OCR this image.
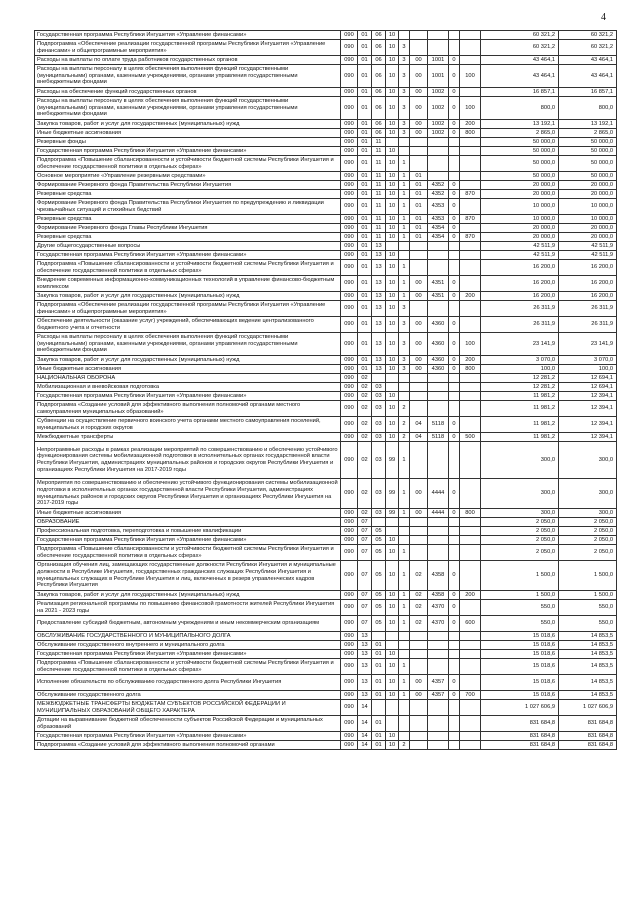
4
Государственная программа Республики Ингушетия «Управление финансами»	090	01	06	10						60 321,2	60 321,2
Подпрограмма «Обеспечение реализации государственной программы Республики Ингушетия «Управление финансами» и общепрограммные мероприятия»	090	01	06	10	3					60 321,2	60 321,2
Расходы на выплаты по оплате труда работников государственных органов	090	01	06	10	3	00	1001	0		43 464,1	43 464,1
Расходы на выплаты персоналу в целях обеспечения выполнения функций государственными (муниципальными) органами, казенными учреждениями, органами управления государственными внебюджетными фондами	090	01	06	10	3	00	1001	0	100	43 464,1	43 464,1
Расходы на обеспечение функций государственных органов	090	01	06	10	3	00	1002	0		16 857,1	16 857,1
Расходы на выплаты персоналу в целях обеспечения выполнения функций государственными (муниципальными) органами, казенными учреждениями, органами управления государственными внебюджетными фондами	090	01	06	10	3	00	1002	0	100	800,0	800,0
Закупка товаров, работ и услуг для государственных (муниципальных) нужд	090	01	06	10	3	00	1002	0	200	13 192,1	13 192,1
Иные бюджетные ассигнования	090	01	06	10	3	00	1002	0	800	2 865,0	2 865,0
Резервные фонды	090	01	11							50 000,0	50 000,0
Государственная программа Республики Ингушетия «Управление финансами»	090	01	11	10						50 000,0	50 000,0
Подпрограмма «Повышение сбалансированности и устойчивости бюджетной системы Республики Ингушетия и обеспечение государственной политики в отдельных сферах»	090	01	11	10	1					50 000,0	50 000,0
Основное мероприятие «Управление резервными средствами»	090	01	11	10	1	01				50 000,0	50 000,0
Формирование Резервного фонда Правительства Республики Ингушетия	090	01	11	10	1	01	4352	0		20 000,0	20 000,0
Резервные средства	090	01	11	10	1	01	4352	0	870	20 000,0	20 000,0
Формирование Резервного фонда Правительства Республики Ингушетия по предупреждению и ликвидации чрезвычайных ситуаций и стихийных бедствий	090	01	11	10	1	01	4353	0		10 000,0	10 000,0
Резервные средства	090	01	11	10	1	01	4353	0	870	10 000,0	10 000,0
Формирование Резервного фонда Главы Республики Ингушетия	090	01	11	10	1	01	4354	0		20 000,0	20 000,0
Резервные средства	090	01	11	10	1	01	4354	0	870	20 000,0	20 000,0
Другие общегосударственные вопросы	090	01	13							42 511,9	42 511,9
Государственная программа Республики Ингушетия «Управление финансами»	090	01	13	10						42 511,9	42 511,9
Подпрограмма «Повышение сбалансированности и устойчивости бюджетной системы Республики Ингушетия и обеспечение государственной политики в отдельных сферах»	090	01	13	10	1					16 200,0	16 200,0
Внедрение современных информационно-коммуникационных технологий в управление финансово-бюджетным комплексом	090	01	13	10	1	00	4351	0		16 200,0	16 200,0
Закупка товаров, работ и услуг для государственных (муниципальных) нужд	090	01	13	10	1	00	4351	0	200	16 200,0	16 200,0
Подпрограмма «Обеспечение реализации государственной программы Республики Ингушетия «Управление финансами» и общепрограммные мероприятия»	090	01	13	10	3					26 311,9	26 311,9
Обеспечение деятельности (оказание услуг) учреждений, обеспечивающих ведение централизованного бюджетного учета и отчетности	090	01	13	10	3	00	4360	0		26 311,9	26 311,9
Расходы на выплаты персоналу в целях обеспечения выполнения функций государственными (муниципальными) органами, казенными учреждениями, органами управления государственными внебюджетными фондами	090	01	13	10	3	00	4360	0	100	23 141,9	23 141,9
Закупка товаров, работ и услуг для государственных (муниципальных) нужд	090	01	13	10	3	00	4360	0	200	3 070,0	3 070,0
Иные бюджетные ассигнования	090	01	13	10	3	00	4360	0	800	100,0	100,0
НАЦИОНАЛЬНАЯ ОБОРОНА	090	02								12 281,2	12 694,1
Мобилизационная и вневойсковая подготовка	090	02	03							12 281,2	12 694,1
Государственная программа Республики Ингушетия «Управление финансами»	090	02	03	10						11 981,2	12 394,1
Подпрограмма «Создание условий для эффективного выполнения полномочий органами местного самоуправления муниципальных образований»	090	02	03	10	2					11 981,2	12 394,1
Субвенции на осуществление первичного воинского учета органами местного самоуправления поселений, муниципальных и городских округов	090	02	03	10	2	04	5118	0		11 981,2	12 394,1
Межбюджетные трансферты	090	02	03	10	2	04	5118	0	500	11 981,2	12 394,1
Непрограммные расходы в рамках реализации мероприятий по совершенствованию и обеспечению устойчивого функционирования системы мобилизационной подготовки в исполнительных органах государственной власти Республики Ингушетия, администрациях муниципальных районов и городских округов Республики Ингушетия и организациях Республики Ингушетия на 2017-2019 годы	090	02	03	99	1					300,0	300,0
Мероприятия по совершенствованию и обеспечению устойчивого функционирования системы мобилизационной подготовки в исполнительных органах государственной власти Республики Ингушетия, администрациях муниципальных районов и городских округов Республики Ингушетия и организациях Республики Ингушетия на 2017-2019 годы	090	02	03	99	1	00	4444	0		300,0	300,0
Иные бюджетные ассигнования	090	02	03	99	1	00	4444	0	800	300,0	300,0
ОБРАЗОВАНИЕ	090	07								2 050,0	2 050,0
Профессиональная подготовка, переподготовка и повышение квалификации	090	07	05							2 050,0	2 050,0
Государственная программа Республики Ингушетия «Управление финансами»	090	07	05	10						2 050,0	2 050,0
Подпрограмма «Повышение сбалансированности и устойчивости бюджетной системы Республики Ингушетия и обеспечение государственной политики в отдельных сферах»	090	07	05	10	1					2 050,0	2 050,0
Организация обучения лиц, замещающих государственные должности Республики Ингушетия и муниципальные должности в Республике Ингушетия, государственных гражданских служащих Республики Ингушетия и муниципальных служащих в Республике Ингушетия и лиц, включенных в резерв управленческих кадров Республики Ингушетия	090	07	05	10	1	02	4358	0		1 500,0	1 500,0
Закупка товаров, работ и услуг для государственных (муниципальных) нужд	090	07	05	10	1	02	4358	0	200	1 500,0	1 500,0
Реализация региональной программы по повышению финансовой грамотности жителей Республики Ингушетия на 2021 - 2023 годы	090	07	05	10	1	02	4370	0		550,0	550,0
Предоставление субсидий бюджетным, автономным учреждениям и иным некоммерческим организациям	090	07	05	10	1	02	4370	0	600	550,0	550,0
ОБСЛУЖИВАНИЕ ГОСУДАРСТВЕННОГО И МУНИЦИПАЛЬНОГО ДОЛГА	090	13								15 018,6	14 853,5
Обслуживание государственного внутреннего и муниципального долга	090	13	01							15 018,6	14 853,5
Государственная программа Республики Ингушетия «Управление финансами»	090	13	01	10						15 018,6	14 853,5
Подпрограмма «Повышение сбалансированности и устойчивости бюджетной системы Республики Ингушетия и обеспечение государственной политики в отдельных сферах»	090	13	01	10	1					15 018,6	14 853,5
Исполнение обязательств по обслуживанию государственного долга Республики Ингушетия	090	13	01	10	1	00	4357	0		15 018,6	14 853,5
Обслуживание государственного долга	090	13	01	10	1	00	4357	0	700	15 018,6	14 853,5
МЕЖБЮДЖЕТНЫЕ ТРАНСФЕРТЫ БЮДЖЕТАМ СУБЪЕКТОВ РОССИЙСКОЙ ФЕДЕРАЦИИ И МУНИЦИПАЛЬНЫХ ОБРАЗОВАНИЙ ОБЩЕГО ХАРАКТЕРА	090	14								1 027 606,9	1 027 606,9
Дотации на выравнивание бюджетной обеспеченности субъектов Российской Федерации и муниципальных образований	090	14	01							831 684,8	831 684,8
Государственная программа Республики Ингушетия «Управление финансами»	090	14	01	10						831 684,8	831 684,8
Подпрограмма «Создание условий для эффективного выполнения полномочий органами	090	14	01	10	2					831 684,8	831 684,8
